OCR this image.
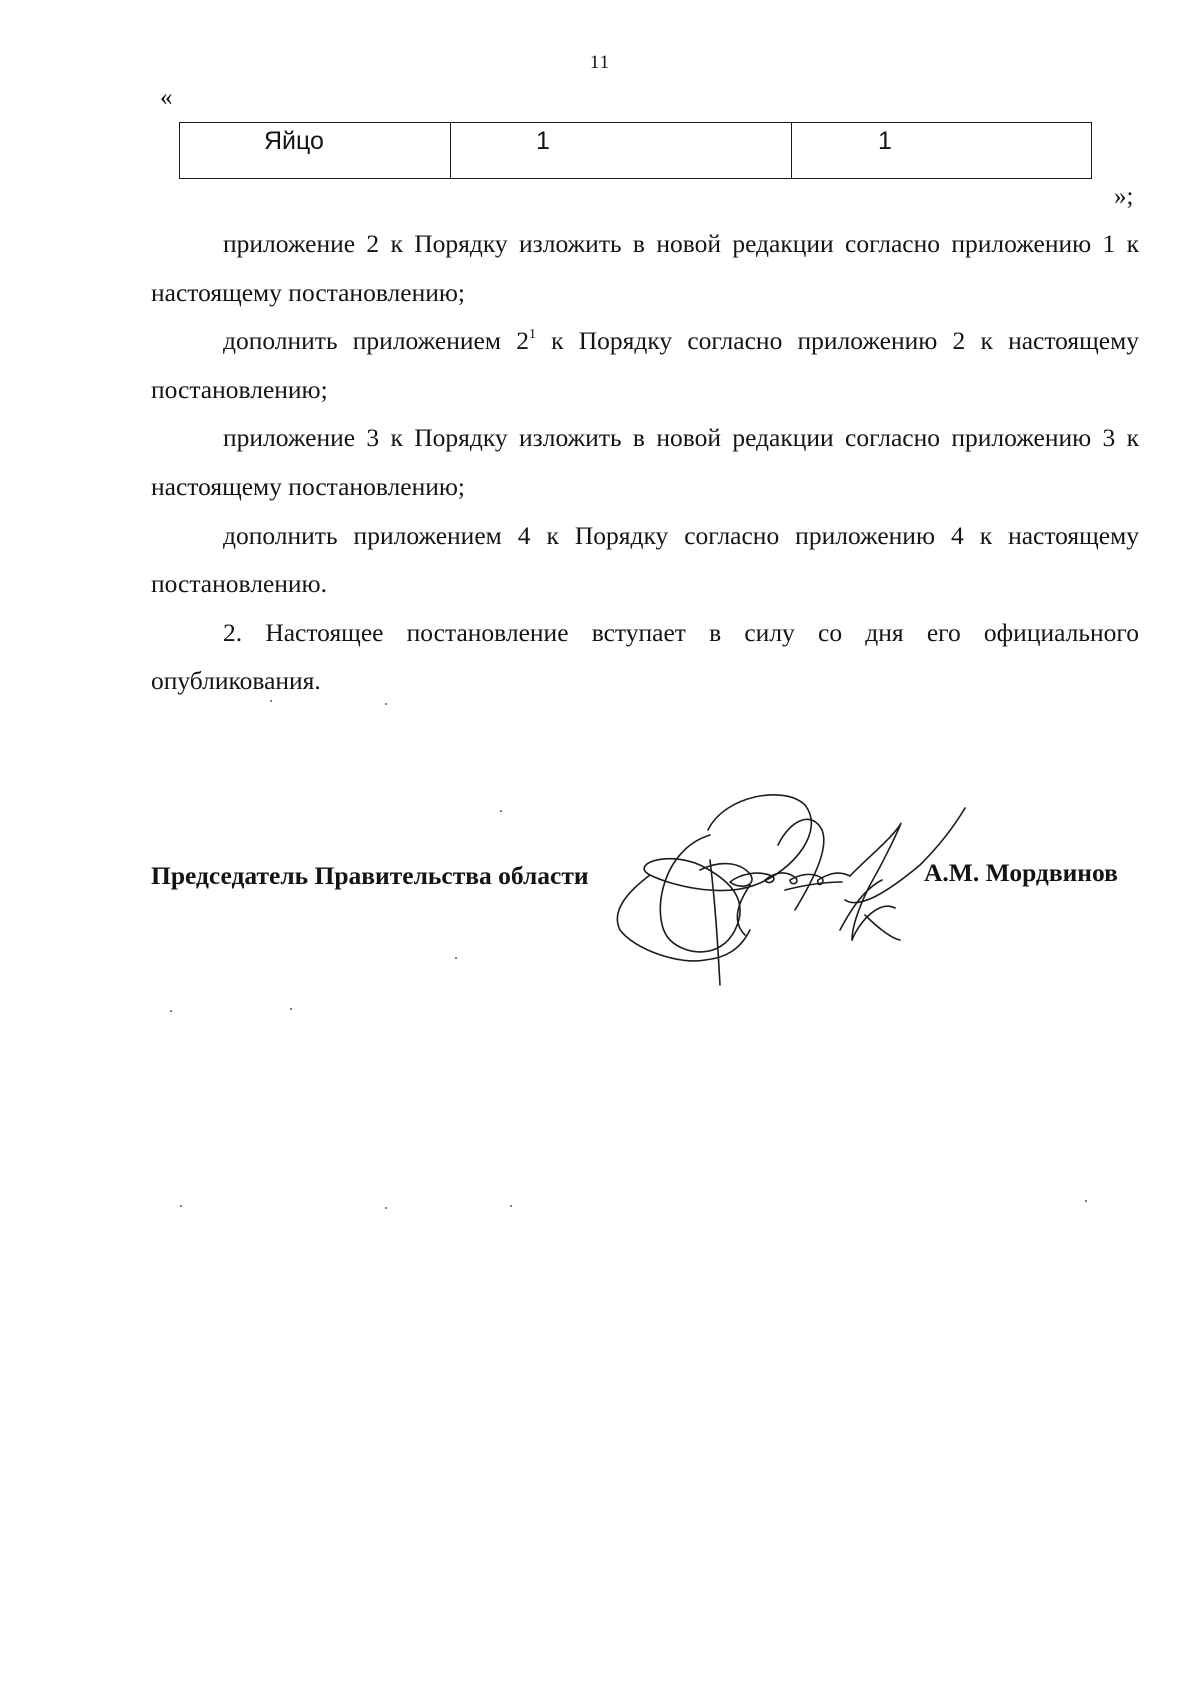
11
«
Яйцо	1	1
»;

приложение 2 к Порядку изложить в новой редакции согласно приложению 1 к настоящему постановлению;

дополнить приложением $2^1$ к Порядку согласно приложению 2 к настоящему постановлению;

приложение 3 к Порядку изложить в новой редакции согласно приложению 3 к настоящему постановлению;

дополнить приложением 4 к Порядку согласно приложению 4 к настоящему постановлению.

2. Настоящее постановление вступает в силу со дня его официального опубликования.

Председатель Правительства области	А.М. Мордвинов
